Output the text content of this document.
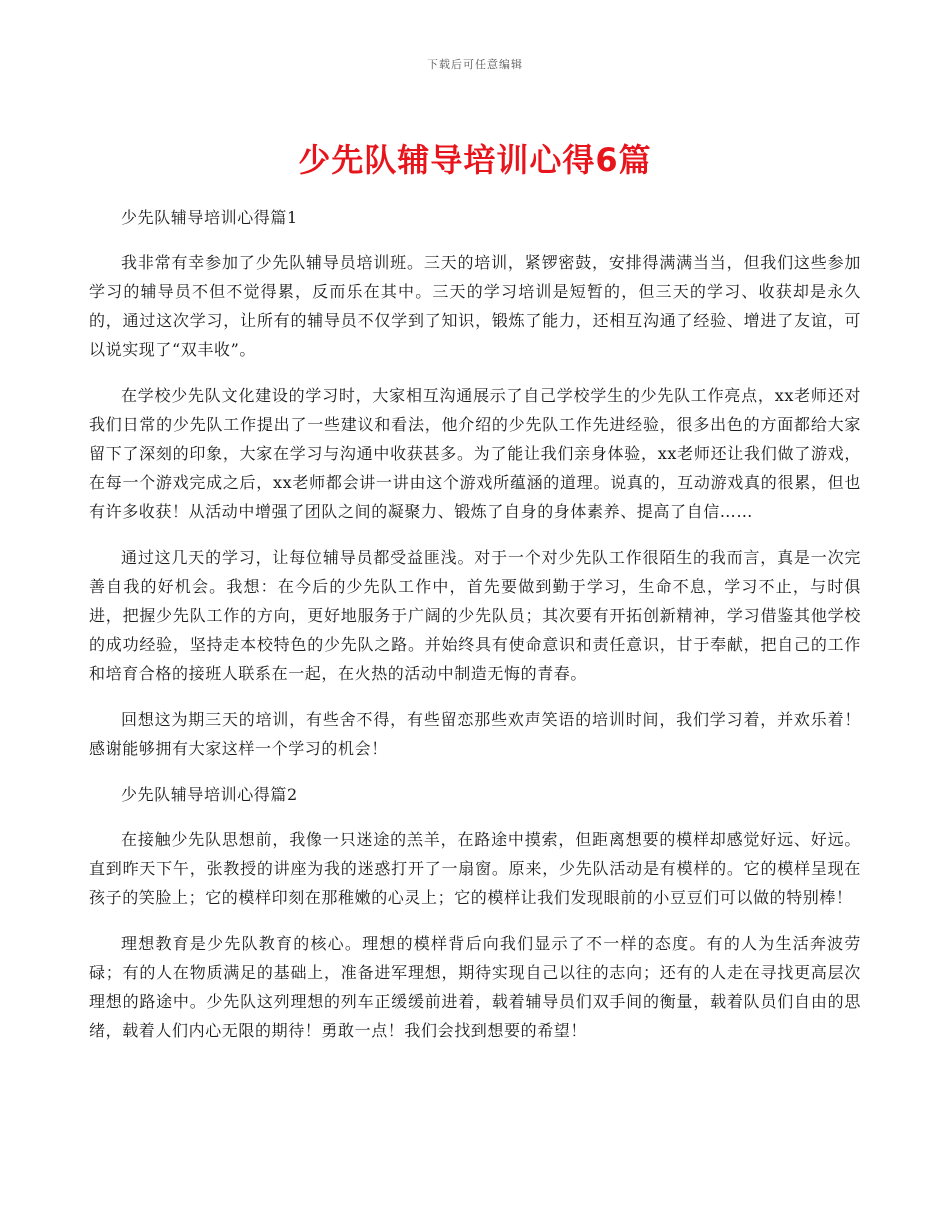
下载后可任意编辑
少先队辅导培训心得6篇

少先队辅导培训心得篇1

我非常有幸参加了少先队辅导员培训班。三天的培训，紧锣密鼓，安排得满满当当，但我们这些参加学习的辅导员不但不觉得累，反而乐在其中。三天的学习培训是短暂的，但三天的学习、收获却是永久的，通过这次学习，让所有的辅导员不仅学到了知识，锻炼了能力，还相互沟通了经验、增进了友谊，可以说实现了“双丰收”。

在学校少先队文化建设的学习时，大家相互沟通展示了自己学校学生的少先队工作亮点，xx老师还对我们日常的少先队工作提出了一些建议和看法，他介绍的少先队工作先进经验，很多出色的方面都给大家留下了深刻的印象，大家在学习与沟通中收获甚多。为了能让我们亲身体验，xx老师还让我们做了游戏，在每一个游戏完成之后，xx老师都会讲一讲由这个游戏所蕴涵的道理。说真的，互动游戏真的很累，但也有许多收获！从活动中增强了团队之间的凝聚力、锻炼了自身的身体素养、提高了自信……

通过这几天的学习，让每位辅导员都受益匪浅。对于一个对少先队工作很陌生的我而言，真是一次完善自我的好机会。我想：在今后的少先队工作中，首先要做到勤于学习，生命不息，学习不止，与时俱进，把握少先队工作的方向，更好地服务于广阔的少先队员；其次要有开拓创新精神，学习借鉴其他学校的成功经验，坚持走本校特色的少先队之路。并始终具有使命意识和责任意识，甘于奉献，把自己的工作和培育合格的接班人联系在一起，在火热的活动中制造无悔的青春。

回想这为期三天的培训，有些舍不得，有些留恋那些欢声笑语的培训时间，我们学习着，并欢乐着！感谢能够拥有大家这样一个学习的机会！

少先队辅导培训心得篇2

在接触少先队思想前，我像一只迷途的羔羊，在路途中摸索，但距离想要的模样却感觉好远、好远。直到昨天下午，张教授的讲座为我的迷惑打开了一扇窗。原来，少先队活动是有模样的。它的模样呈现在孩子的笑脸上；它的模样印刻在那稚嫩的心灵上；它的模样让我们发现眼前的小豆豆们可以做的特别棒！

理想教育是少先队教育的核心。理想的模样背后向我们显示了不一样的态度。有的人为生活奔波劳碌；有的人在物质满足的基础上，准备进军理想，期待实现自己以往的志向；还有的人走在寻找更高层次理想的路途中。少先队这列理想的列车正缓缓前进着，载着辅导员们双手间的衡量，载着队员们自由的思绪，载着人们内心无限的期待！勇敢一点！我们会找到想要的希望！
